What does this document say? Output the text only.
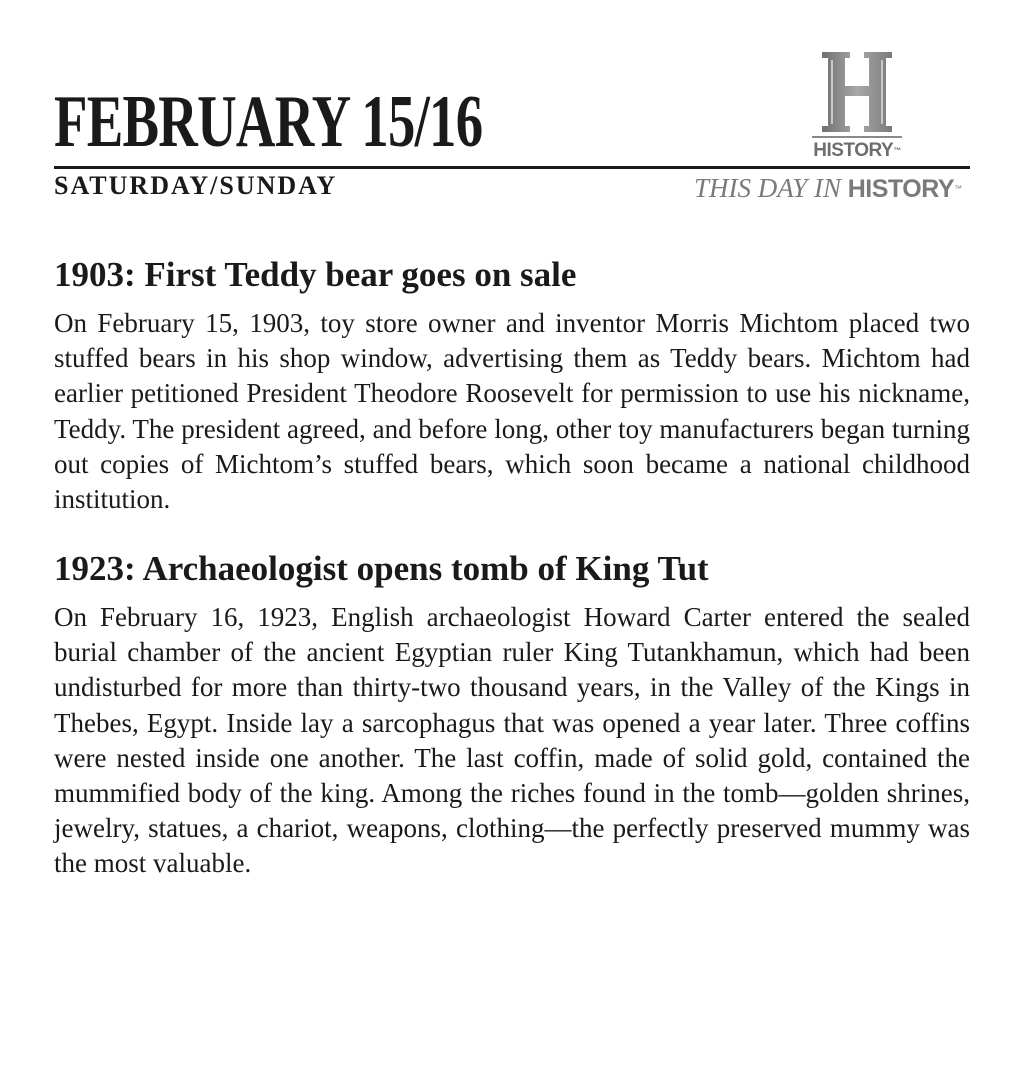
FEBRUARY 15/16	HISTORY™
SATURDAY/SUNDAY	THIS DAY IN HISTORY™
1903: First Teddy bear goes on sale

On February 15, 1903, toy store owner and inventor Morris Michtom placed two stuffed bears in his shop window, advertising them as Teddy bears. Michtom had earlier petitioned President Theodore Roosevelt for permission to use his nickname, Teddy. The president agreed, and before long, other toy manufacturers began turning out copies of Michtom’s stuffed bears, which soon became a national childhood institution.

1923: Archaeologist opens tomb of King Tut

On February 16, 1923, English archaeologist Howard Carter entered the sealed burial chamber of the ancient Egyptian ruler King Tutankhamun, which had been undisturbed for more than thirty-two thousand years, in the Valley of the Kings in Thebes, Egypt. Inside lay a sarcophagus that was opened a year later. Three coffins were nested inside one another. The last coffin, made of solid gold, contained the mummified body of the king. Among the riches found in the tomb—golden shrines, jewelry, statues, a chariot, weapons, clothing—the perfectly preserved mummy was the most valuable.
